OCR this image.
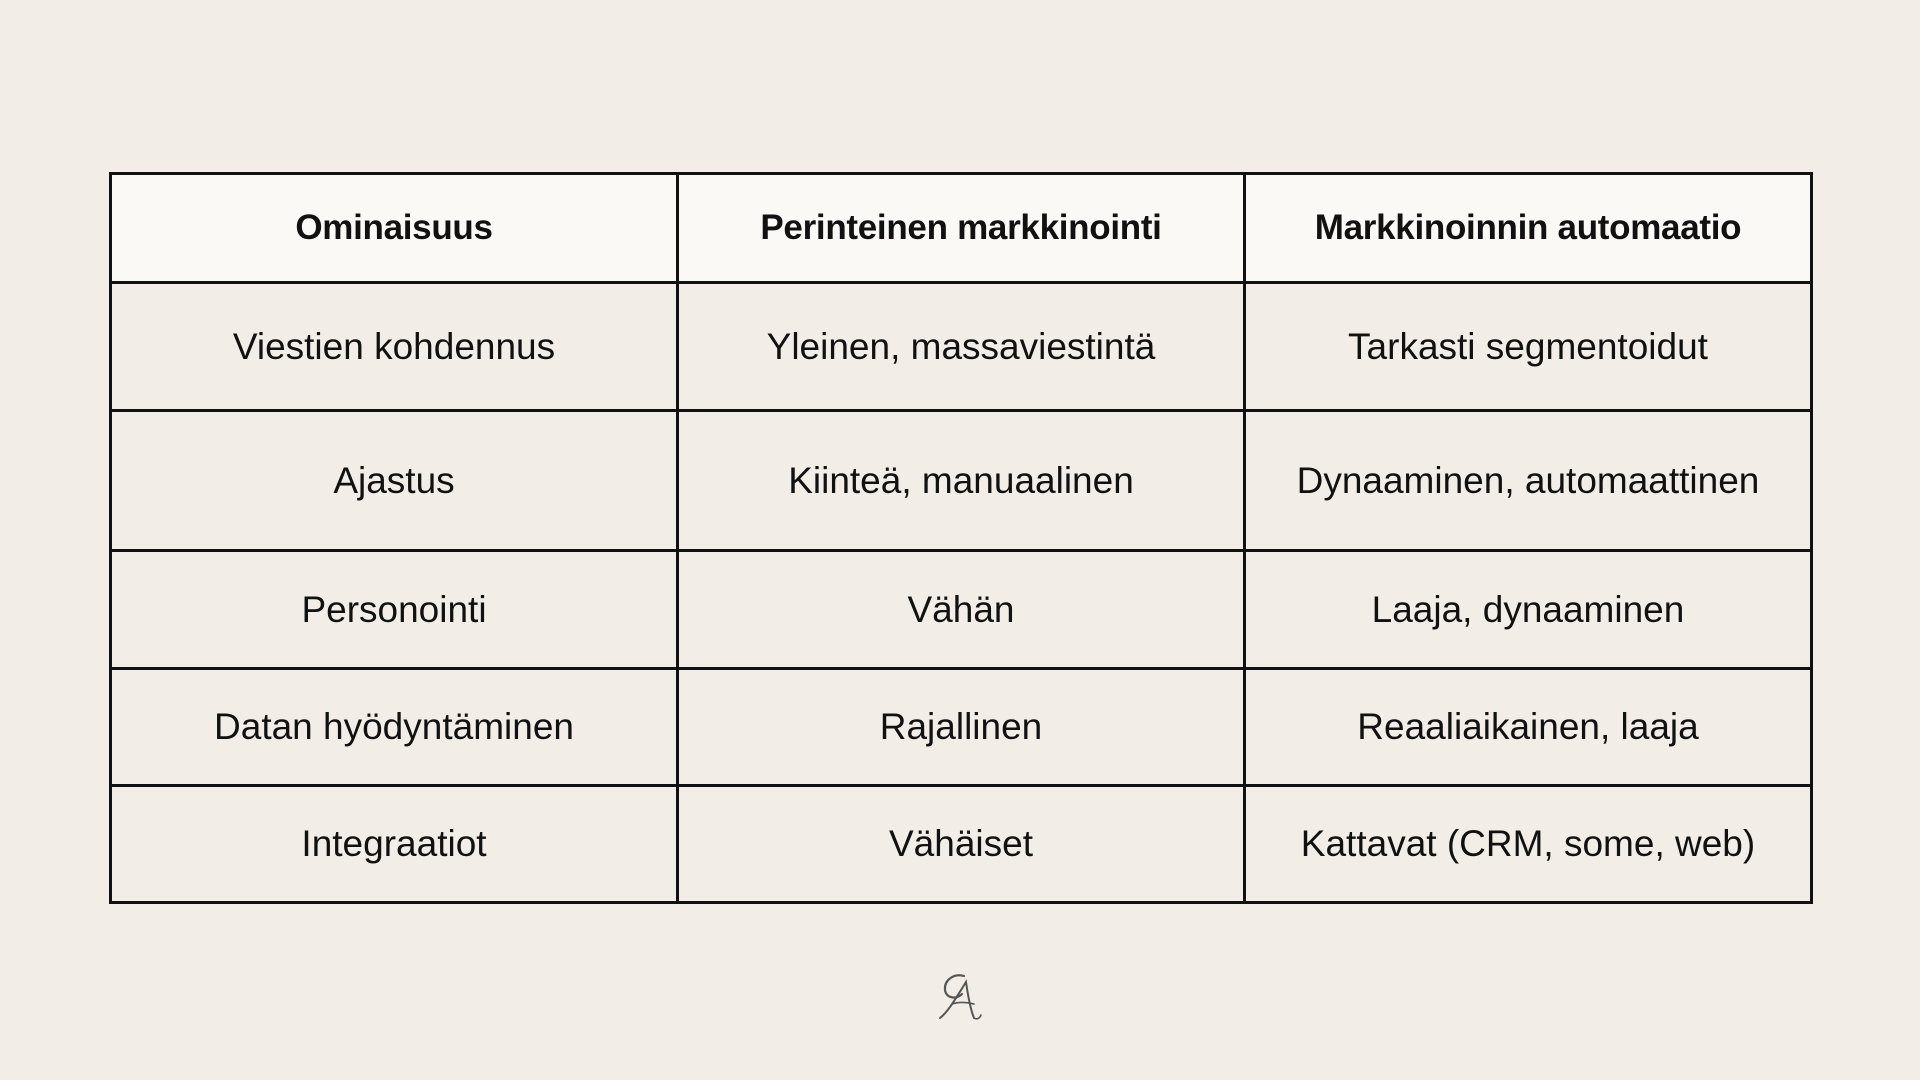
Ominaisuus	Perinteinen markkinointi	Markkinoinnin automaatio
Viestien kohdennus	Yleinen, massaviestintä	Tarkasti segmentoidut
Ajastus	Kiinteä, manuaalinen	Dynaaminen, automaattinen
Personointi	Vähän	Laaja, dynaaminen
Datan hyödyntäminen	Rajallinen	Reaaliaikainen, laaja
Integraatiot	Vähäiset	Kattavat (CRM, some, web)
